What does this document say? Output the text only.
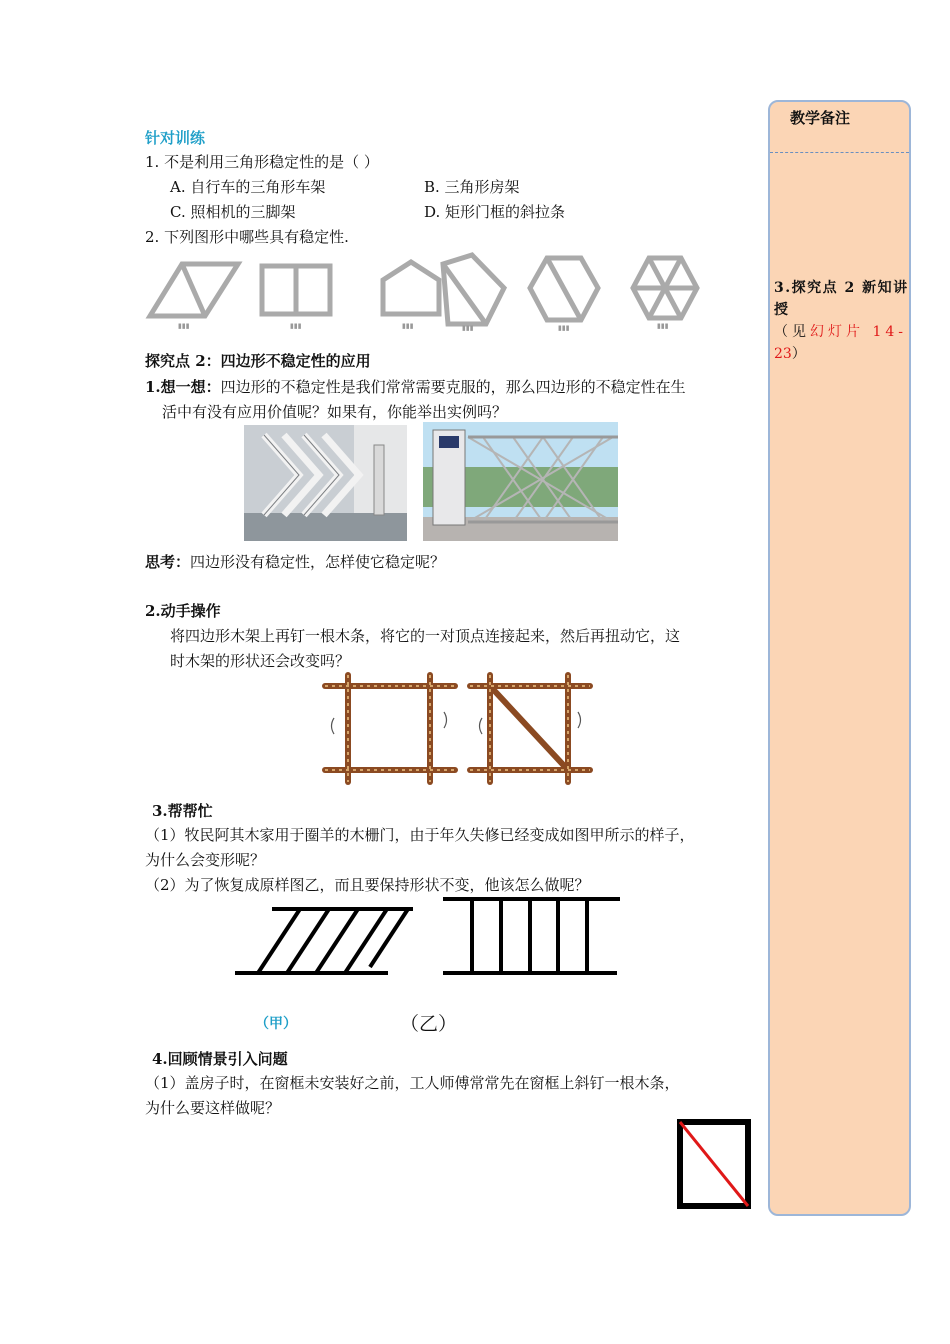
针对训练
1. 不是利用三角形稳定性的是（ ）
A. 自行车的三角形车架	B. 三角形房架
C. 照相机的三脚架	D. 矩形门框的斜拉条
2. 下列图形中哪些具有稳定性.
▮▮▮	▮▮▮	▮▮▮	▮▮▮	▮▮▮	▮▮▮
探究点 2：四边形不稳定性的应用
1.想一想：四边形的不稳定性是我们常常需要克服的，那么四边形的不稳定性在生
活中有没有应用价值呢？如果有，你能举出实例吗？
思考：四边形没有稳定性，怎样使它稳定呢？
2.动手操作
将四边形木架上再钉一根木条，将它的一对顶点连接起来，然后再扭动它，这
时木架的形状还会改变吗？
3.帮帮忙
（1）牧民阿其木家用于圈羊的木栅门，由于年久失修已经变成如图甲所示的样子，
为什么会变形呢？
（2）为了恢复成原样图乙，而且要保持形状不变，他该怎么做呢？
（甲）	（乙）
4.回顾情景引入问题
（1）盖房子时，在窗框未安装好之前，工人师傅常常先在窗框上斜钉一根木条，
为什么要这样做呢？
教学备注
3.探究点 2 新知讲
授
（见幻灯片 14-
23）
